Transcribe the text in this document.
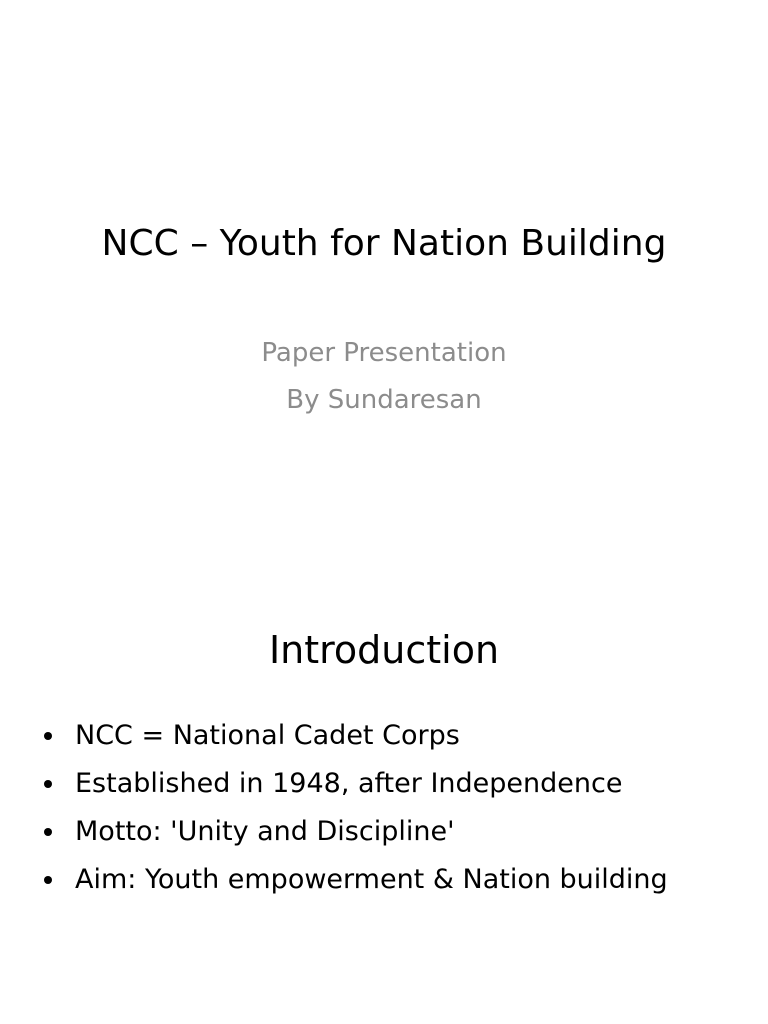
NCC – Youth for Nation Building
Paper Presentation
By Sundaresan
Introduction
NCC = National Cadet Corps
Established in 1948, after Independence
Motto: 'Unity and Discipline'
Aim: Youth empowerment & Nation building
